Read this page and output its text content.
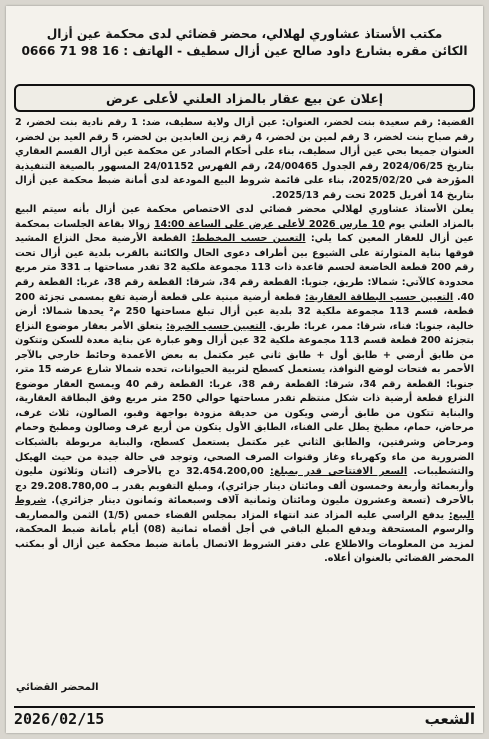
مكتب الأستاذ عشاوري لهلالي، محضر قضائي لدى محكمة عين أزال
الكائن مقره بشارع داود صالح عين أزال سطيف - الهاتف : 0666 71 98 16
إعلان عن بيع عقار بالمزاد العلني لأعلى عرض

القضية: رقم سعيدة بنت لخضر، العنوان: عين أزال ولاية سطيف، ضد: 1 رقم نادية بنت لخضر، 2 رقم صباح بنت لخضر، 3 رقم لمين بن لخضر، 4 رقم زين العابدين بن لخضر، 5 رقم العيد بن لخضر، العنوان جميعا بحي عين أزال سطيف، بناء على أحكام الصادر عن محكمة عين أزال القسم العقاري بتاريخ 2024/06/25 رقم الجدول 24/00465، رقم الفهرس 24/01152 المسهور بالصيغة التنفيذية المؤرخة في 2025/02/20، بناء على قائمة شروط البيع المودعة لدى أمانة ضبط محكمة عين أزال بتاريخ 14 أفريل 2025 تحت رقم 2025/13.

يعلن الأستاذ عشاوري لهلالي محضر قضائي لدى الاختصاص محكمة عين أزال بأنه سيتم البيع بالمزاد العلني يوم 10 مارس 2026 لأعلى عرض على الساعة 14:00 زوالا بقاعة الجلسات بمحكمة عين أزال للعقار المعين كما يلي: التعيين حسب المخطط: القطعة الأرضية محل النزاع المشيد فوقها بناية المتوارثة على الشيوع بين أطراف دعوى الحال والكائنة بالقرب بلدية عين أزال تحت رقم 200 قطعة الخاضعة لحسم قاعدة ذات 113 مجموعة ملكية 32 تقدر مساحتها بـ 331 متر مربع محدودة كالآتي: شمالا: طريق، جنوبا: القطعة رقم 34، شرقا: القطعة رقم 38، غربا: القطعة رقم 40. التعيين حسب البطاقة العقارية: قطعة أرضية مبنية على قطعة أرضية تقع بمسمى تجزئة 200 قطعة، قسم 113 مجموعة ملكية 32 بلدية عين أزال تبلغ مساحتها 250 م² يحدها شمالا: أرض خالية، جنوبا: فناء، شرقا: ممر، غربا: طريق. التعيين حسب الخبرة: يتعلق الأمر بعقار موضوع النزاع بتجزئة 200 قطعة قسم 113 مجموعة ملكية 32 عين أزال وهو عبارة عن بناية معدة للسكن وتتكون من طابق أرضي + طابق أول + طابق ثاني غير مكتمل به بعض الأعمدة وحائط خارجي بالآجر الأحمر به فتحات لوضع النوافذ، يستعمل كسطح لتربية الحيوانات، تحده شمالا شارع عرضه 15 متر، جنوبا: القطعة رقم 34، شرقا: القطعة رقم 38، غربا: القطعة رقم 40 ويمسح العقار موضوع النزاع قطعة أرضية ذات شكل منتظم تقدر مساحتها حوالي 250 متر مربع وفق البطاقة العقارية، والبناية تتكون من طابق أرضي ويكون من حديقة مزودة بواجهة وقبو، الصالون، ثلاث غرف، مرحاض، حمام، مطبخ يطل على الفناء، الطابق الأول يتكون من أربع غرف وصالون ومطبخ وحمام ومرحاض وشرفتين، والطابق الثاني غير مكتمل يستعمل كسطح، والبناية مربوطة بالشبكات الضرورية من ماء وكهرباء وغاز وقنوات الصرف الصحي، وتوجد في حالة جيدة من حيث الهيكل والتشطيبات. السعر الافتتاحي قدر بمبلغ: 32.454.200,00 دج بالأحرف (اثنان وثلاثون مليون وأربعمائة وأربعة وخمسون ألف ومائتان دينار جزائري)، ومبلغ التقويم يقدر بـ 29.208.780,00 دج بالأحرف (تسعة وعشرون مليون ومائتان وثمانية آلاف وسبعمائة وثمانون دينار جزائري). شروط البيع: يدفع الراسي عليه المزاد عند انتهاء المزاد بمجلس القضاء خمس (1/5) الثمن والمصاريف والرسوم المستحقة ويدفع المبلغ الباقي في أجل أقصاه ثمانية (08) أيام بأمانة ضبط المحكمة، لمزيد من المعلومات والاطلاع على دفتر الشروط الاتصال بأمانة ضبط محكمة عين أزال أو بمكتب المحضر القضائي بالعنوان أعلاه.

المحضر القضائي
2026/02/15	الشعب
